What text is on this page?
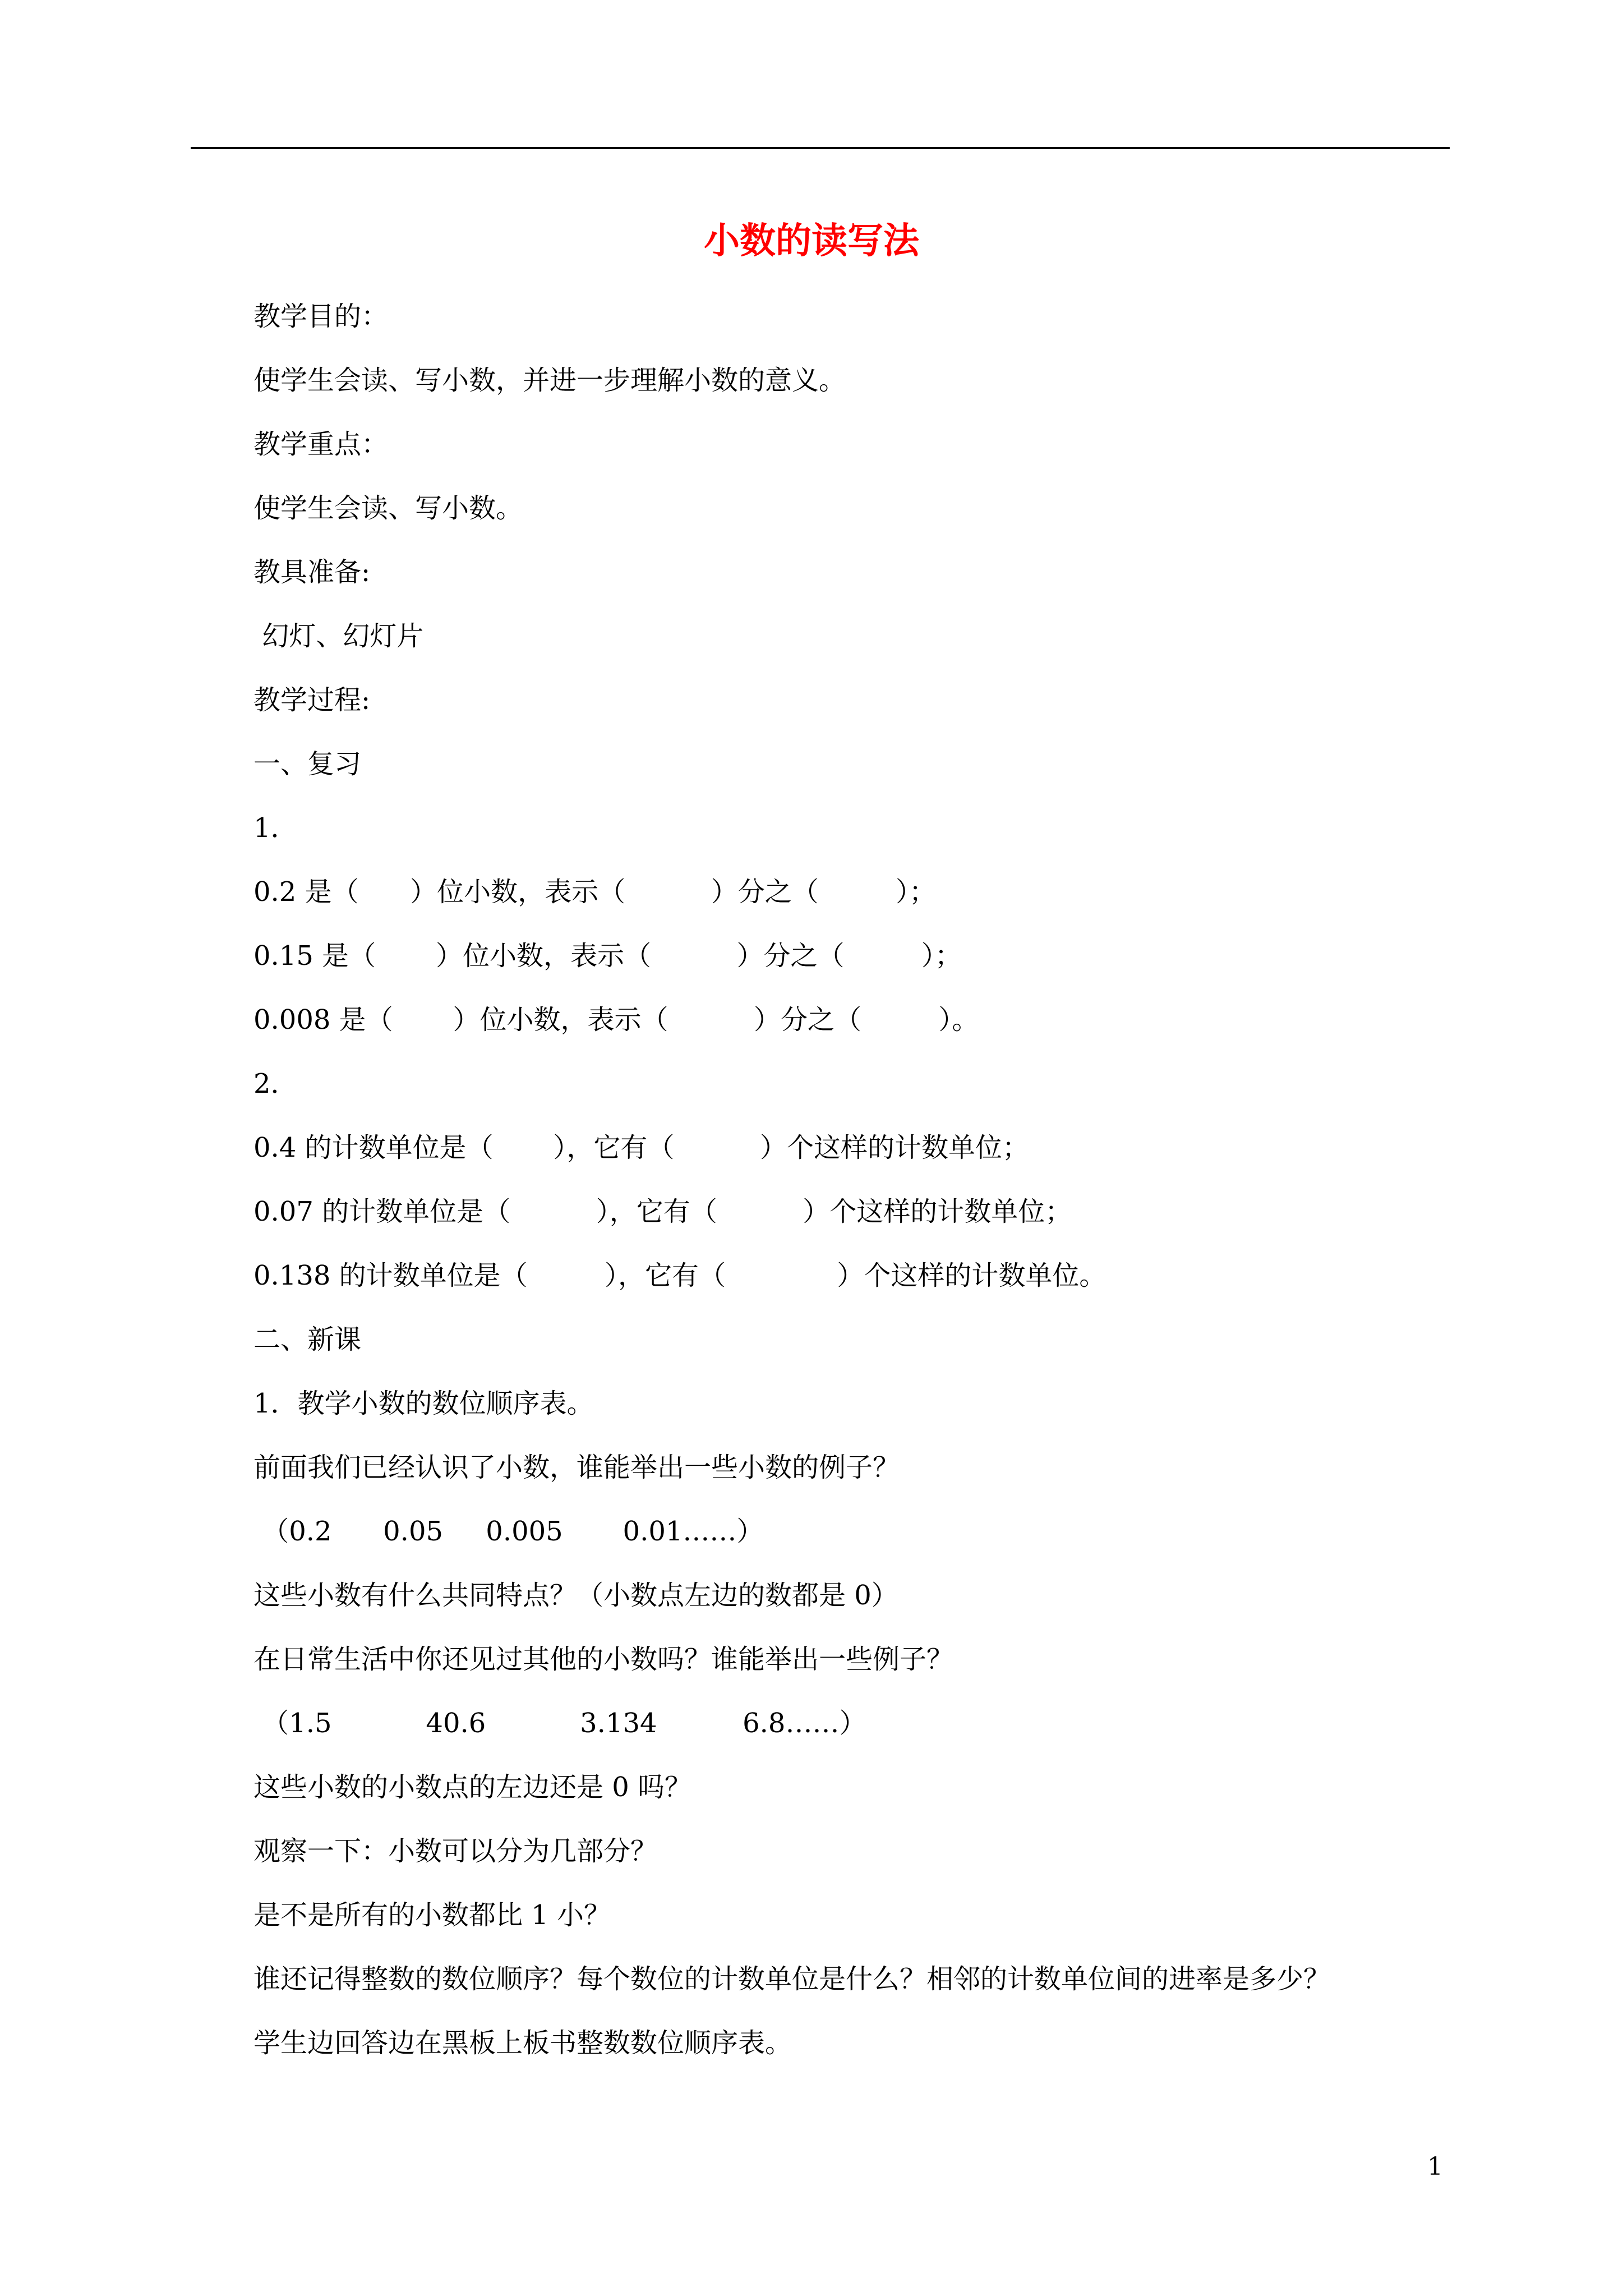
小数的读写法

教学目的：

使学生会读、写小数，并进一步理解小数的意义。

教学重点：

使学生会读、写小数。

教具准备:

幻灯、幻灯片

教学过程:

一、复习

1．

0.2 是（      ）位小数，表示（          ）分之（         ）；

0.15 是（       ）位小数，表示（          ）分之（         ）；

0.008 是（       ）位小数，表示（          ）分之（         ）。

2．

0.4 的计数单位是（       ），它有（          ）个这样的计数单位；

0.07 的计数单位是（          ），它有（          ）个这样的计数单位；

0.138 的计数单位是（         ），它有（             ）个这样的计数单位。

二、新课

1．教学小数的数位顺序表。

前面我们已经认识了小数，谁能举出一些小数的例子？

（0.2      0.05     0.005       0.01……）

这些小数有什么共同特点？（小数点左边的数都是 0）

在日常生活中你还见过其他的小数吗？谁能举出一些例子？

（1.5           40.6           3.134          6.8……）

这些小数的小数点的左边还是 0 吗？

观察一下：小数可以分为几部分？

是不是所有的小数都比 1 小？

谁还记得整数的数位顺序？每个数位的计数单位是什么？相邻的计数单位间的进率是多少？

学生边回答边在黑板上板书整数数位顺序表。

1
